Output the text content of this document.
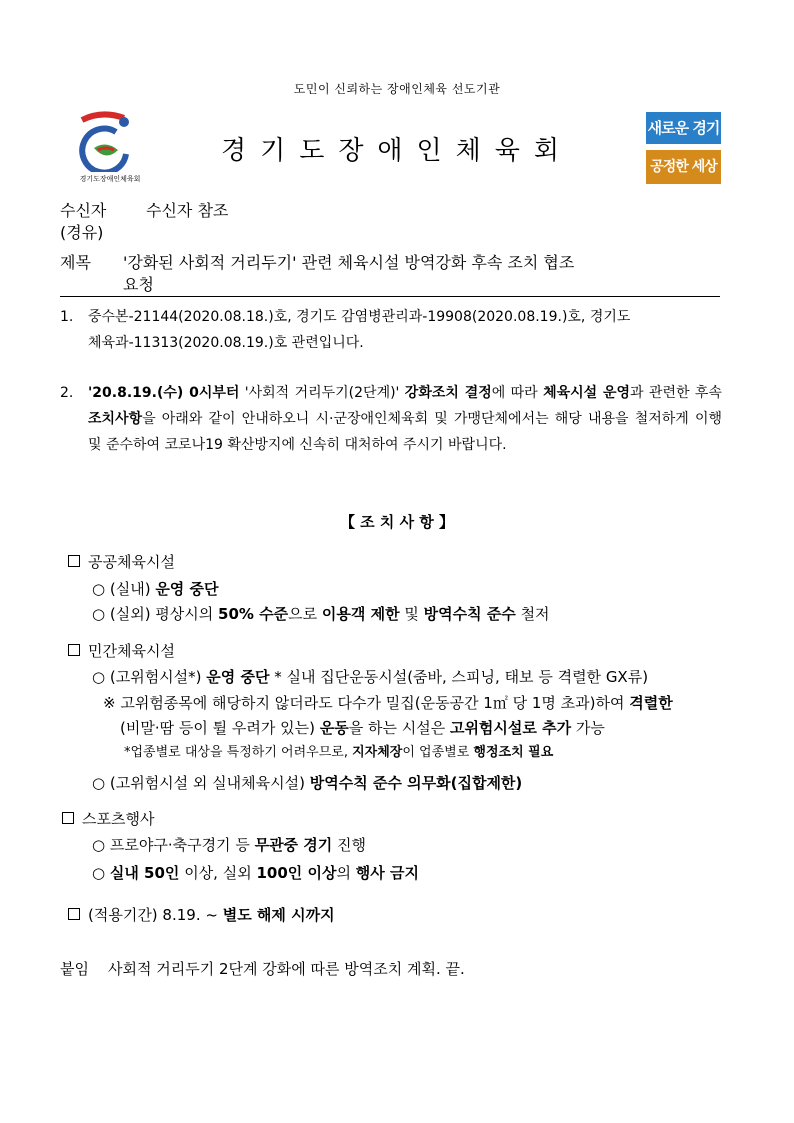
도민이 신뢰하는 장애인체육 선도기관
경기도장애인체육회
경기도장애인체육회
새로운 경기
공정한 세상
수신자 수신자 참조
(경유)
제목 '강화된 사회적 거리두기' 관련 체육시설 방역강화 후속 조치 협조
요청
1. 중수본-21144(2020.08.18.)호, 경기도 감염병관리과-19908(2020.08.19.)호, 경기도
체육과-11313(2020.08.19.)호 관련입니다.
2. '20.8.19.(수) 0시부터 '사회적 거리두기(2단계)' 강화조치 결정에 따라 체육시설 운영과 관련한 후속 조치사항을 아래와 같이 안내하오니 시·군장애인체육회 및 가맹단체에서는 해당 내용을 철저하게 이행 및 준수하여 코로나19 확산방지에 신속히 대처하여 주시기 바랍니다.
【 조 치 사 항 】
공공체육시설
○ (실내) 운영 중단
○ (실외) 평상시의 50% 수준으로 이용객 제한 및 방역수칙 준수 철저
민간체육시설
○ (고위험시설*) 운영 중단 * 실내 집단운동시설(줌바, 스피닝, 태보 등 격렬한 GX류)
※ 고위험종목에 해당하지 않더라도 다수가 밀집(운동공간 1㎡ 당 1명 초과)하여 격렬한
(비말·땀 등이 튈 우려가 있는) 운동을 하는 시설은 고위험시설로 추가 가능
*업종별로 대상을 특정하기 어려우므로, 지자체장이 업종별로 행정조치 필요
○ (고위험시설 외 실내체육시설) 방역수칙 준수 의무화(집합제한)
스포츠행사
○ 프로야구·축구경기 등 무관중 경기 진행
○ 실내 50인 이상, 실외 100인 이상의 행사 금지
(적용기간) 8.19. ~ 별도 해제 시까지
붙임 사회적 거리두기 2단계 강화에 따른 방역조치 계획. 끝.
